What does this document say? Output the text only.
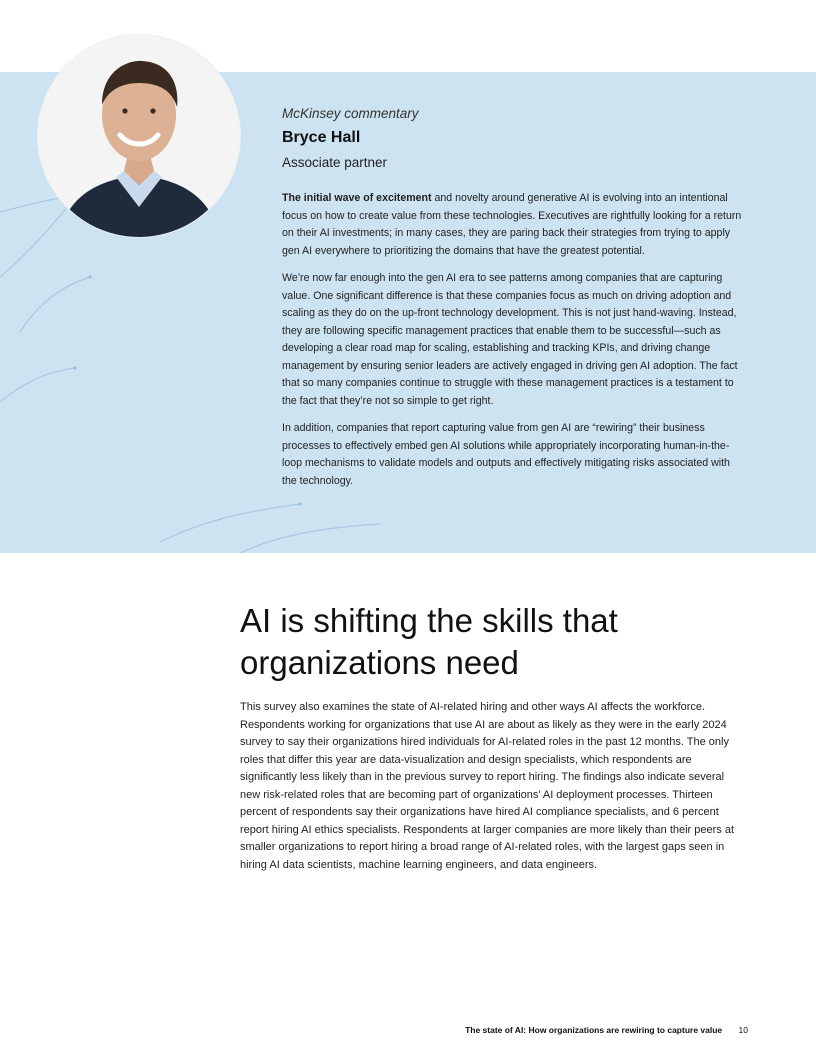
McKinsey commentary

Bryce Hall

Associate partner

The initial wave of excitement and novelty around generative AI is evolving into an intentional focus on how to create value from these technologies. Executives are rightfully looking for a return on their AI investments; in many cases, they are paring back their strategies from trying to apply gen AI everywhere to prioritizing the domains that have the greatest potential.

We’re now far enough into the gen AI era to see patterns among companies that are capturing value. One significant difference is that these companies focus as much on driving adoption and scaling as they do on the up-front technology development. This is not just hand-waving. Instead, they are following specific management practices that enable them to be successful—such as developing a clear road map for scaling, establishing and tracking KPIs, and driving change management by ensuring senior leaders are actively engaged in driving gen AI adoption. The fact that so many companies continue to struggle with these management practices is a testament to the fact that they’re not so simple to get right.

In addition, companies that report capturing value from gen AI are “rewiring” their business processes to effectively embed gen AI solutions while appropriately incorporating human-in-the-loop mechanisms to validate models and outputs and effectively mitigating risks associated with the technology.

AI is shifting the skills that organizations need

This survey also examines the state of AI-related hiring and other ways AI affects the workforce. Respondents working for organizations that use AI are about as likely as they were in the early 2024 survey to say their organizations hired individuals for AI-related roles in the past 12 months. The only roles that differ this year are data-visualization and design specialists, which respondents are significantly less likely than in the previous survey to report hiring. The findings also indicate several new risk-related roles that are becoming part of organizations’ AI deployment processes. Thirteen percent of respondents say their organizations have hired AI compliance specialists, and 6 percent report hiring AI ethics specialists. Respondents at larger companies are more likely than their peers at smaller organizations to report hiring a broad range of AI-related roles, with the largest gaps seen in hiring AI data scientists, machine learning engineers, and data engineers.

The state of AI: How organizations are rewiring to capture value 10
